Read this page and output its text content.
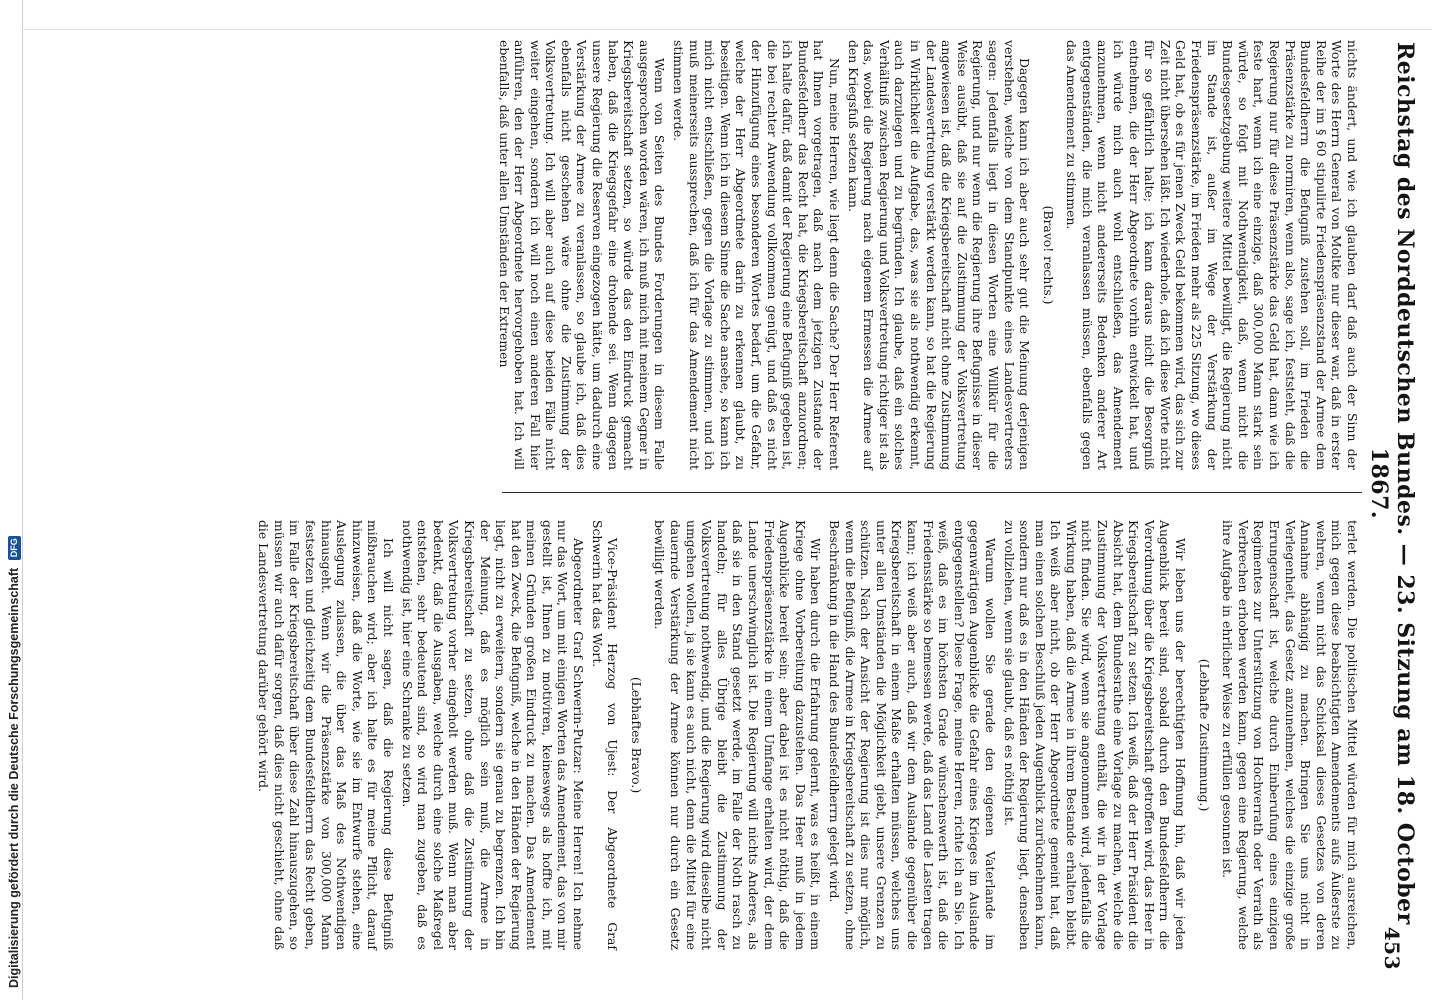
Reichstag des Norddeutschen Bundes. — 23. Sitzung am 18. October 1867.
453

nichts ändert, und wie ich glauben darf daß auch der Sinn der Worte des Herrn General von Moltke nur dieser war, daß in erster Reihe der im § 60 stipulirte Friedenspräsenzstand der Armee dem Bundesfeldherrn die Befugniß zustehen soll, im Frieden die Präsenzstärke zu normiren, wenn also, sage ich, feststeht, daß die Regierung nur für diese Präsenzstärke das Geld hat, dann wie ich feste hart, wenn ich eine einzige, daß 300,000 Mann stark sein würde, so folgt mit Nothwendigkeit, daß, wenn nicht die Bundesgesetzgebung weitere Mittel bewilligt, die Regierung nicht im Stande ist, außer im Wege der Verstärkung der Friedenspräsenzstärke, im Frieden mehr als 225 Sitzung, wo dieses Geld hat, ob es für jenen Zweck Geld bekommen wird, das sich zur Zeit nicht übersehen läßt. Ich wiederhole, daß ich diese Worte nicht für so gefährlich halte; ich kann daraus nicht die Besorgniß entnehmen, die der Herr Abgeordnete vorhin entwickelt hat, und ich würde mich auch wohl entschließen, das Amendement anzunehmen, wenn nicht andererseits Bedenken anderer Art entgegenständen, die mich veranlassen müssen, ebenfalls gegen das Amendement zu stimmen.

(Bravo! rechts.)

Dagegen kann ich aber auch sehr gut die Meinung derjenigen verstehen, welche von dem Standpunkte eines Landesvertreters sagen: Jedenfalls liegt in diesen Worten eine Willkür für die Regierung, und nur wenn die Regierung ihre Befugnisse in dieser Weise ausübt, daß sie auf die Zustimmung der Volksvertretung angewiesen ist, daß die Kriegsbereitschaft nicht ohne Zustimmung der Landesvertretung verstärkt werden kann, so hat die Regierung in Wirklichkeit die Aufgabe, das, was sie als nothwendig erkennt, auch darzulegen und zu begründen. Ich glaube, daß ein solches Verhältniß zwischen Regierung und Volksvertretung richtiger ist als das, wobei die Regierung nach eigenem Ermessen die Armee auf den Kriegsfuß setzen kann.

Nun, meine Herren, wie liegt denn die Sache? Der Herr Referent hat Ihnen vorgetragen, daß nach dem jetzigen Zustande der Bundesfeldherr das Recht hat, die Kriegsbereitschaft anzuordnen; ich halte dafür, daß damit der Regierung eine Befugniß gegeben ist, die bei rechter Anwendung vollkommen genügt, und daß es nicht der Hinzufügung eines besonderen Wortes bedarf, um die Gefahr, welche der Herr Abgeordnete darin zu erkennen glaubt, zu beseitigen. Wenn ich in diesem Sinne die Sache ansehe, so kann ich mich nicht entschließen, gegen die Vorlage zu stimmen, und ich muß meinerseits aussprechen, daß ich für das Amendement nicht stimmen werde.

Wenn von Seiten des Bundes Forderungen in diesem Falle ausgesprochen worden wären, ich muß mich mit meinem Gegner in Kriegsbereitschaft setzen, so würde das den Eindruck gemacht haben, daß die Kriegsgefahr eine drohende sei. Wenn dagegen unsere Regierung die Reserven eingezogen hätte, um dadurch eine Verstärkung der Armee zu veranlassen, so glaube ich, daß dies ebenfalls nicht geschehen wäre ohne die Zustimmung der Volksvertretung. Ich will aber auch auf diese beiden Fälle nicht weiter eingehen, sondern ich will noch einen anderen Fall hier anführen, den der Herr Abgeordnete hervorgehoben hat. Ich will ebenfalls, daß unter allen Umständen der Extremen

terlet werden. Die politischen Mittel würden für mich ausreichen, mich gegen diese beabsichtigten Amendements aufs Äußerste zu wehren, wenn nicht das Schicksal dieses Gesetzes von deren Annahme abhängig zu machen. Bringen Sie uns nicht in Verlegenheit, das Gesetz anzunehmen, welches die einzige große Errungenschaft ist, welche durch Einberufung eines einzigen Regimentes zur Unterstützung von Hochverrath oder Verrath als Verbrechen erhoben werden kann, gegen eine Regierung, welche ihre Aufgabe in ehrlicher Weise zu erfüllen gesonnen ist.

(Lebhafte Zustimmung.)

Wir leben uns der berechtigten Hoffnung hin, daß wir jeden Augenblick bereit sind, sobald durch den Bundesfeldherrn die Verordnung über die Kriegsbereitschaft getroffen wird, das Heer in Kriegsbereitschaft zu setzen. Ich weiß, daß der Herr Präsident die Absicht hat, dem Bundesrathe eine Vorlage zu machen, welche die Zustimmung der Volksvertretung enthält, die wir in der Vorlage nicht finden. Sie wird, wenn sie angenommen wird, jedenfalls die Wirkung haben, daß die Armee in ihrem Bestande erhalten bleibt. Ich weiß aber nicht, ob der Herr Abgeordnete gemeint hat, daß man einen solchen Beschluß jeden Augenblick zurücknehmen kann, sondern nur daß es in den Händen der Regierung liegt, denselben zu vollziehen, wenn sie glaubt, daß es nöthig ist.

Warum wollen Sie gerade den eigenen Vaterlande im gegenwärtigen Augenblicke die Gefahr eines Krieges im Auslande entgegenstellen? Diese Frage, meine Herren, richte ich an Sie. Ich weiß, daß es im höchsten Grade wünschenswerth ist, daß die Friedensstärke so bemessen werde, daß das Land die Lasten tragen kann; ich weiß aber auch, daß wir dem Auslande gegenüber die Kriegsbereitschaft in einem Maße erhalten müssen, welches uns unter allen Umständen die Möglichkeit giebt, unsere Grenzen zu schützen. Nach der Ansicht der Regierung ist dies nur möglich, wenn die Befugniß, die Armee in Kriegsbereitschaft zu setzen, ohne Beschränkung in die Hand des Bundesfeldherrn gelegt wird.

Wir haben durch die Erfahrung gelernt, was es heißt, in einem Kriege ohne Vorbereitung dazustehen. Das Heer muß in jedem Augenblicke bereit sein; aber dabei ist es nicht nöthig, daß die Friedenspräsenzstärke in einem Umfange erhalten wird, der dem Lande unerschwinglich ist. Die Regierung will nichts Anderes, als daß sie in den Stand gesetzt werde, im Falle der Noth rasch zu handeln; für alles Übrige bleibt die Zustimmung der Volksvertretung nothwendig, und die Regierung wird dieselbe nicht umgehen wollen, ja sie kann es auch nicht, denn die Mittel für eine dauernde Verstärkung der Armee können nur durch ein Gesetz bewilligt werden.

(Lebhaftes Bravo.)

Vice-Präsident Herzog von Ujest: Der Abgeordnete Graf Schwerin hat das Wort.

Abgeordneter Graf Schwerin-Putzar: Meine Herren! Ich nehme nur das Wort, um mit einigen Worten das Amendement, das von mir gestellt ist, Ihnen zu motiviren, keineswegs als hoffte ich, mit meinen Gründen großen Eindruck zu machen. Das Amendement hat den Zweck, die Befugniß, welche in den Händen der Regierung liegt, nicht zu erweitern, sondern sie genau zu begrenzen. Ich bin der Meinung, daß es möglich sein muß, die Armee in Kriegsbereitschaft zu setzen, ohne daß die Zustimmung der Volksvertretung vorher eingeholt werden muß. Wenn man aber bedenkt, daß die Ausgaben, welche durch eine solche Maßregel entstehen, sehr bedeutend sind, so wird man zugeben, daß es nothwendig ist, hier eine Schranke zu setzen.

Ich will nicht sagen, daß die Regierung diese Befugniß mißbrauchen wird; aber ich halte es für meine Pflicht, darauf hinzuweisen, daß die Worte, wie sie im Entwurfe stehen, eine Auslegung zulassen, die über das Maß des Nothwendigen hinausgeht. Wenn wir die Präsenzstärke von 300,000 Mann festsetzen und gleichzeitig dem Bundesfeldherrn das Recht geben, im Falle der Kriegsbereitschaft über diese Zahl hinauszugehen, so müssen wir auch dafür sorgen, daß dies nicht geschieht, ohne daß die Landesvertretung darüber gehört wird.

Digitalisierung gefördert durch die Deutsche Forschungsgemeinschaft
DFG
